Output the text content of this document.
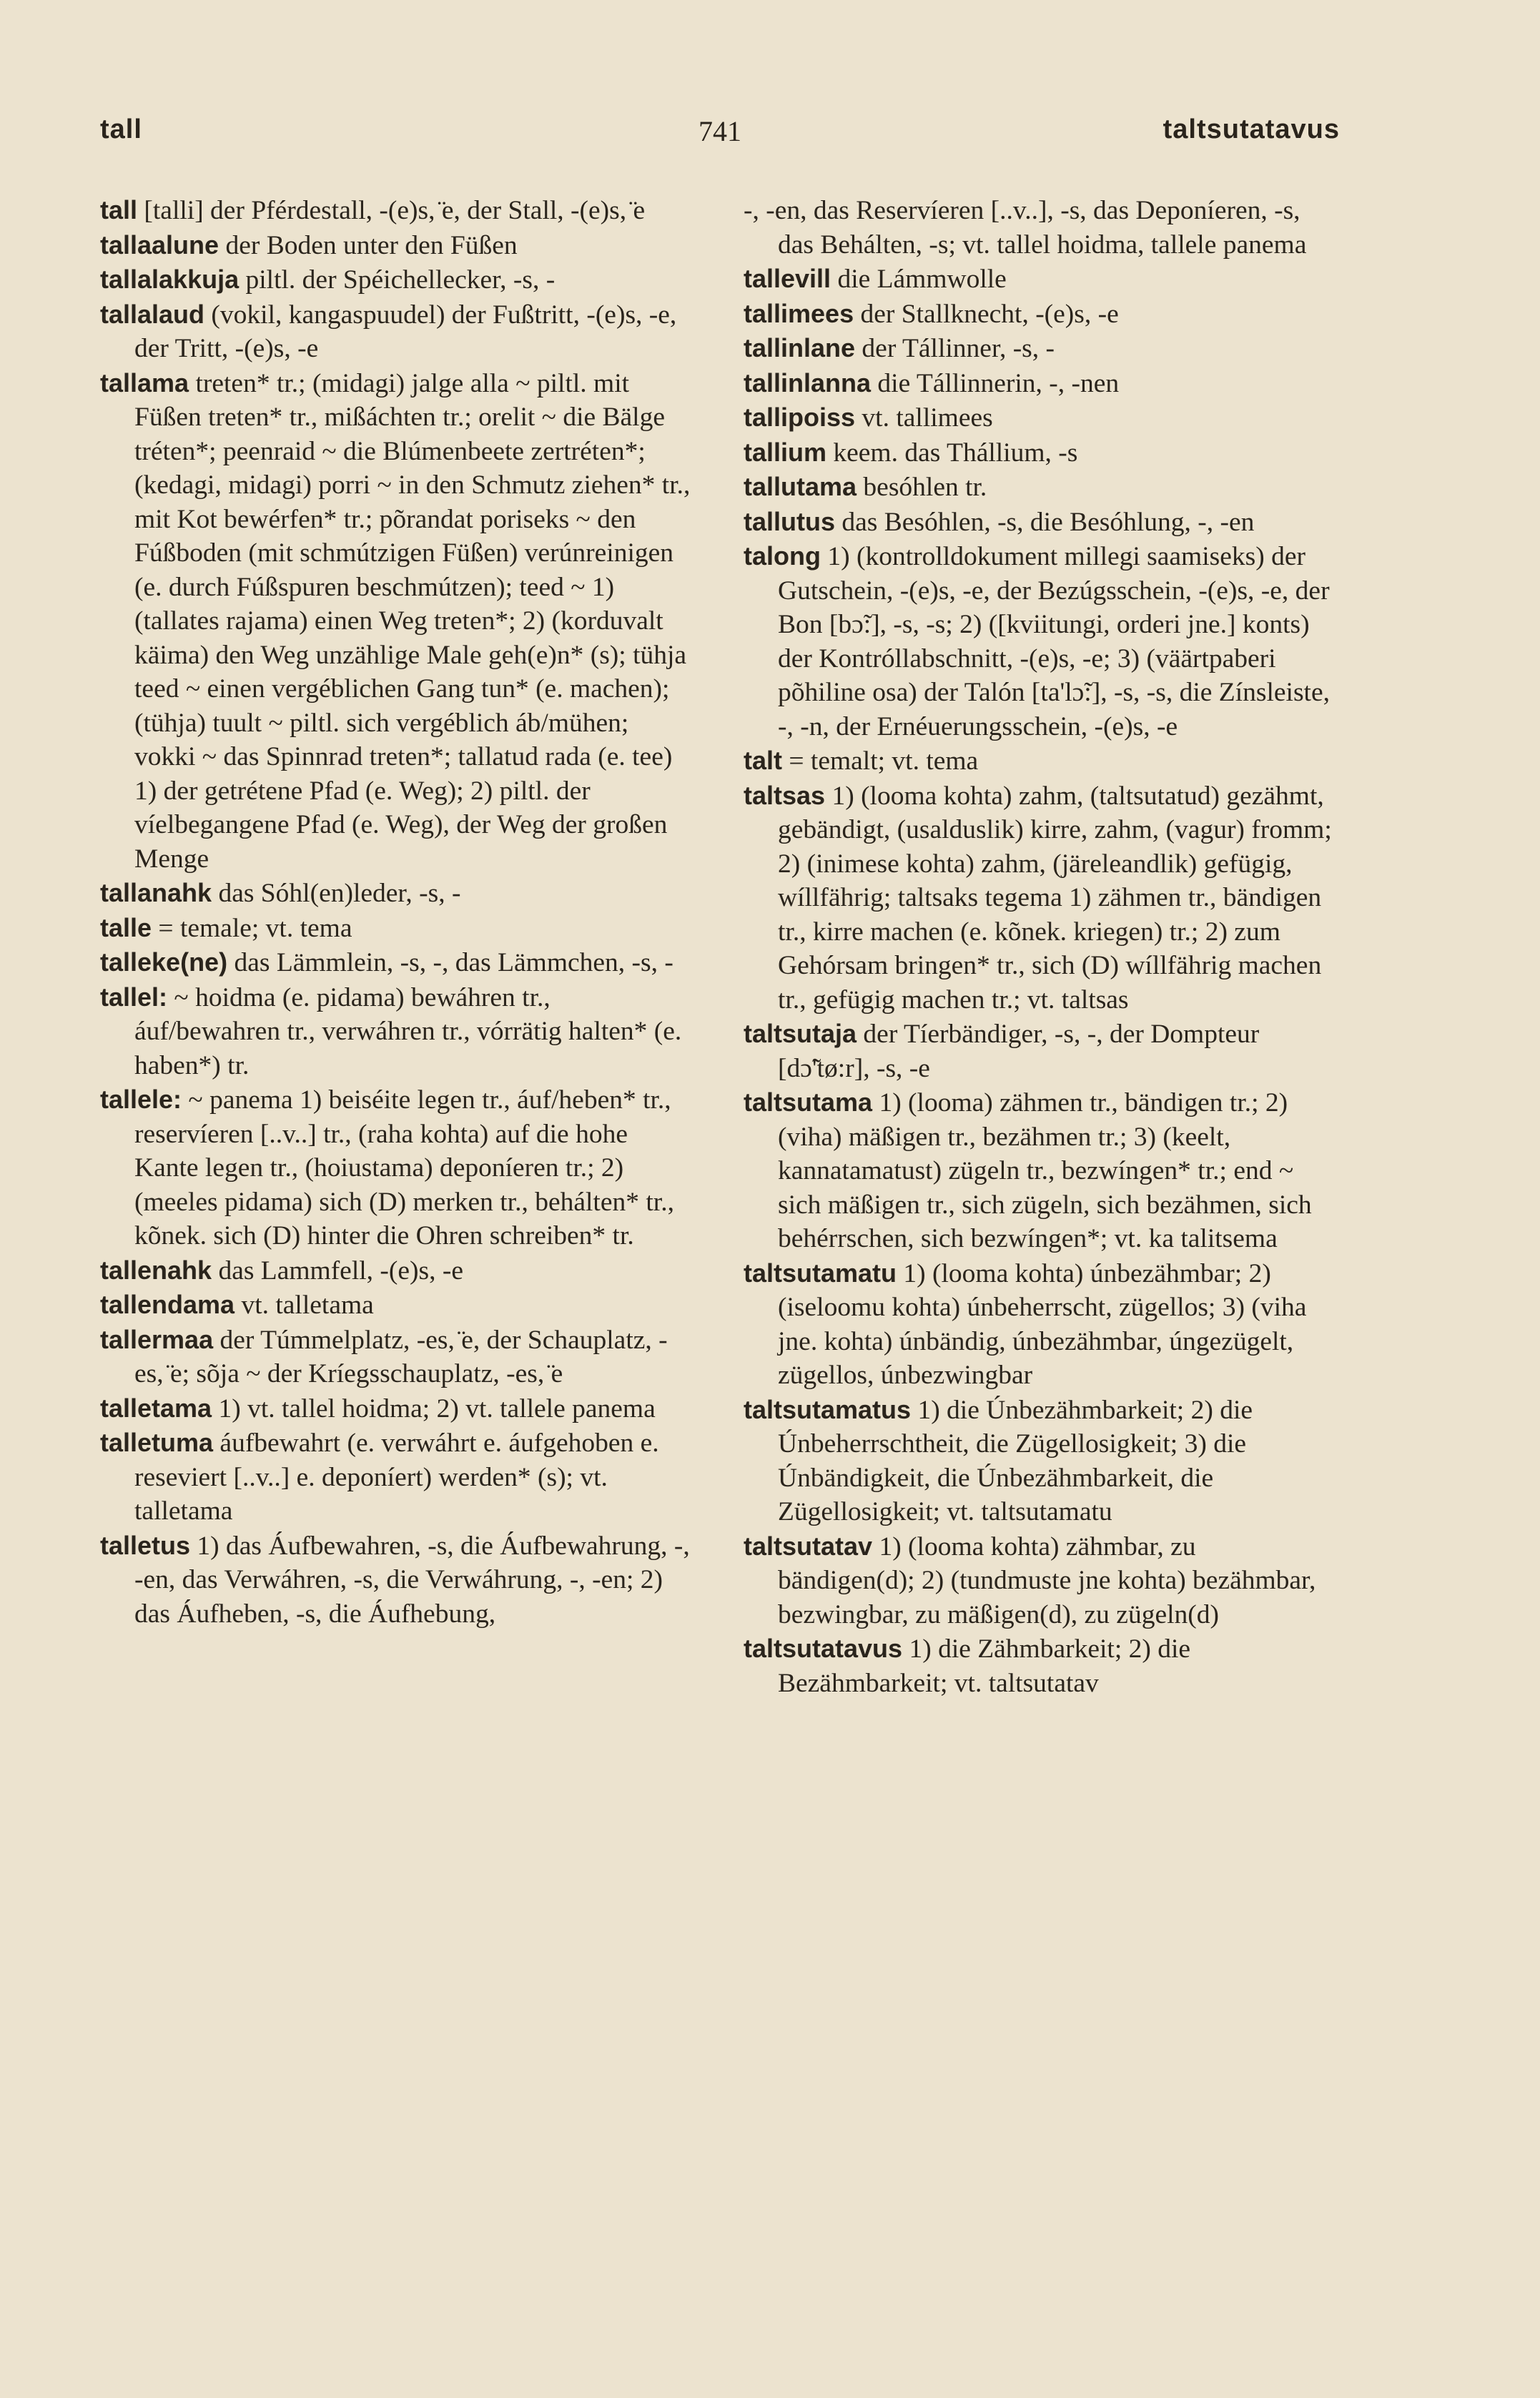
tall	741	taltsutatavus

tall [talli] der Pférdestall, -(e)s, ̈e, der Stall, -(e)s, ̈e

tallaalune der Boden unter den Füßen

tallalakkuja piltl. der Spéichellecker, -s, -

tallalaud (vokil, kangaspuudel) der Fußtritt, -(e)s, -e, der Tritt, -(e)s, -e

tallama treten* tr.; (midagi) jalge alla ~ piltl. mit Füßen treten* tr., mißáchten tr.; orelit ~ die Bälge tréten*; peenraid ~ die Blúmenbeete zertréten*; (kedagi, midagi) porri ~ in den Schmutz ziehen* tr., mit Kot bewérfen* tr.; põrandat poriseks ~ den Fúßboden (mit schmútzigen Füßen) verúnreinigen (e. durch Fúßspuren beschmútzen); teed ~ 1) (tallates rajama) einen Weg treten*; 2) (korduvalt käima) den Weg unzählige Male geh(e)n* (s); tühja teed ~ einen vergéblichen Gang tun* (e. machen); (tühja) tuult ~ piltl. sich vergéblich áb/mühen; vokki ~ das Spinnrad treten*; tallatud rada (e. tee) 1) der getrétene Pfad (e. Weg); 2) piltl. der víelbegangene Pfad (e. Weg), der Weg der großen Menge

tallanahk das Sóhl(en)leder, -s, -

talle = temale; vt. tema

talleke(ne) das Lämmlein, -s, -, das Lämmchen, -s, -

tallel: ~ hoidma (e. pidama) bewáhren tr., áuf/bewahren tr., verwáhren tr., vórrätig halten* (e. haben*) tr.

tallele: ~ panema 1) beiséite legen tr., áuf/heben* tr., reservíeren [..v..] tr., (raha kohta) auf die hohe Kante legen tr., (hoiustama) deponíeren tr.; 2) (meeles pidama) sich (D) merken tr., behálten* tr., kõnek. sich (D) hinter die Ohren schreiben* tr.

tallenahk das Lammfell, -(e)s, -e

tallendama vt. talletama

tallermaa der Túmmelplatz, -es, ̈e, der Schauplatz, -es, ̈e; sõja ~ der Kríegsschauplatz, -es, ̈e

talletama 1) vt. tallel hoidma; 2) vt. tallele panema

talletuma áufbewahrt (e. verwáhrt e. áufgehoben e. reseviert [..v..] e. deponíert) werden* (s); vt. talletama

talletus 1) das Áufbewahren, -s, die Áufbewahrung, -, -en, das Verwáhren, -s, die Verwáhrung, -, -en; 2) das Áufheben, -s, die Áufhebung,

-, -en, das Reservíeren [..v..], -s, das Deponíeren, -s, das Behálten, -s; vt. tallel hoidma, tallele panema

tallevill die Lámmwolle

tallimees der Stallknecht, -(e)s, -e

tallinlane der Tállinner, -s, -

tallinlanna die Tállinnerin, -, -nen

tallipoiss vt. tallimees

tallium keem. das Thállium, -s

tallutama besóhlen tr.

tallutus das Besóhlen, -s, die Besóhlung, -, -en

talong 1) (kontrolldokument millegi saamiseks) der Gutschein, -(e)s, -e, der Bezúgsschein, -(e)s, -e, der Bon [bɔ̃:], -s, -s; 2) ([kviitungi, orderi jne.] konts) der Kontróllabschnitt, -(e)s, -e; 3) (väärtpaberi põhiline osa) der Talón [ta'lɔ̃:], -s, -s, die Zínsleiste, -, -n, der Ernéuerungsschein, -(e)s, -e

talt = temalt; vt. tema

taltsas 1) (looma kohta) zahm, (taltsutatud) gezähmt, gebändigt, (usalduslik) kirre, zahm, (vagur) fromm; 2) (inimese kohta) zahm, (järeleandlik) gefügig, wíllfährig; taltsaks tegema 1) zähmen tr., bändigen tr., kirre machen (e. kõnek. kriegen) tr.; 2) zum Gehórsam bringen* tr., sich (D) wíllfährig machen tr., gefügig machen tr.; vt. taltsas

taltsutaja der Tíerbändiger, -s, -, der Dompteur [dɔ̃'tø:r], -s, -e

taltsutama 1) (looma) zähmen tr., bändigen tr.; 2) (viha) mäßigen tr., bezähmen tr.; 3) (keelt, kannatamatust) zügeln tr., bezwíngen* tr.; end ~ sich mäßigen tr., sich zügeln, sich bezähmen, sich behérrschen, sich bezwíngen*; vt. ka talitsema

taltsutamatu 1) (looma kohta) únbezähmbar; 2) (iseloomu kohta) únbeherrscht, zügellos; 3) (viha jne. kohta) únbändig, únbezähmbar, úngezügelt, zügellos, únbezwingbar

taltsutamatus 1) die Únbezähmbarkeit; 2) die Únbeherrschtheit, die Zügellosigkeit; 3) die Únbändigkeit, die Únbezähmbarkeit, die Zügellosigkeit; vt. taltsutamatu

taltsutatav 1) (looma kohta) zähmbar, zu bändigen(d); 2) (tundmuste jne kohta) bezähmbar, bezwingbar, zu mäßigen(d), zu zügeln(d)

taltsutatavus 1) die Zähmbarkeit; 2) die Bezähmbarkeit; vt. taltsutatav
